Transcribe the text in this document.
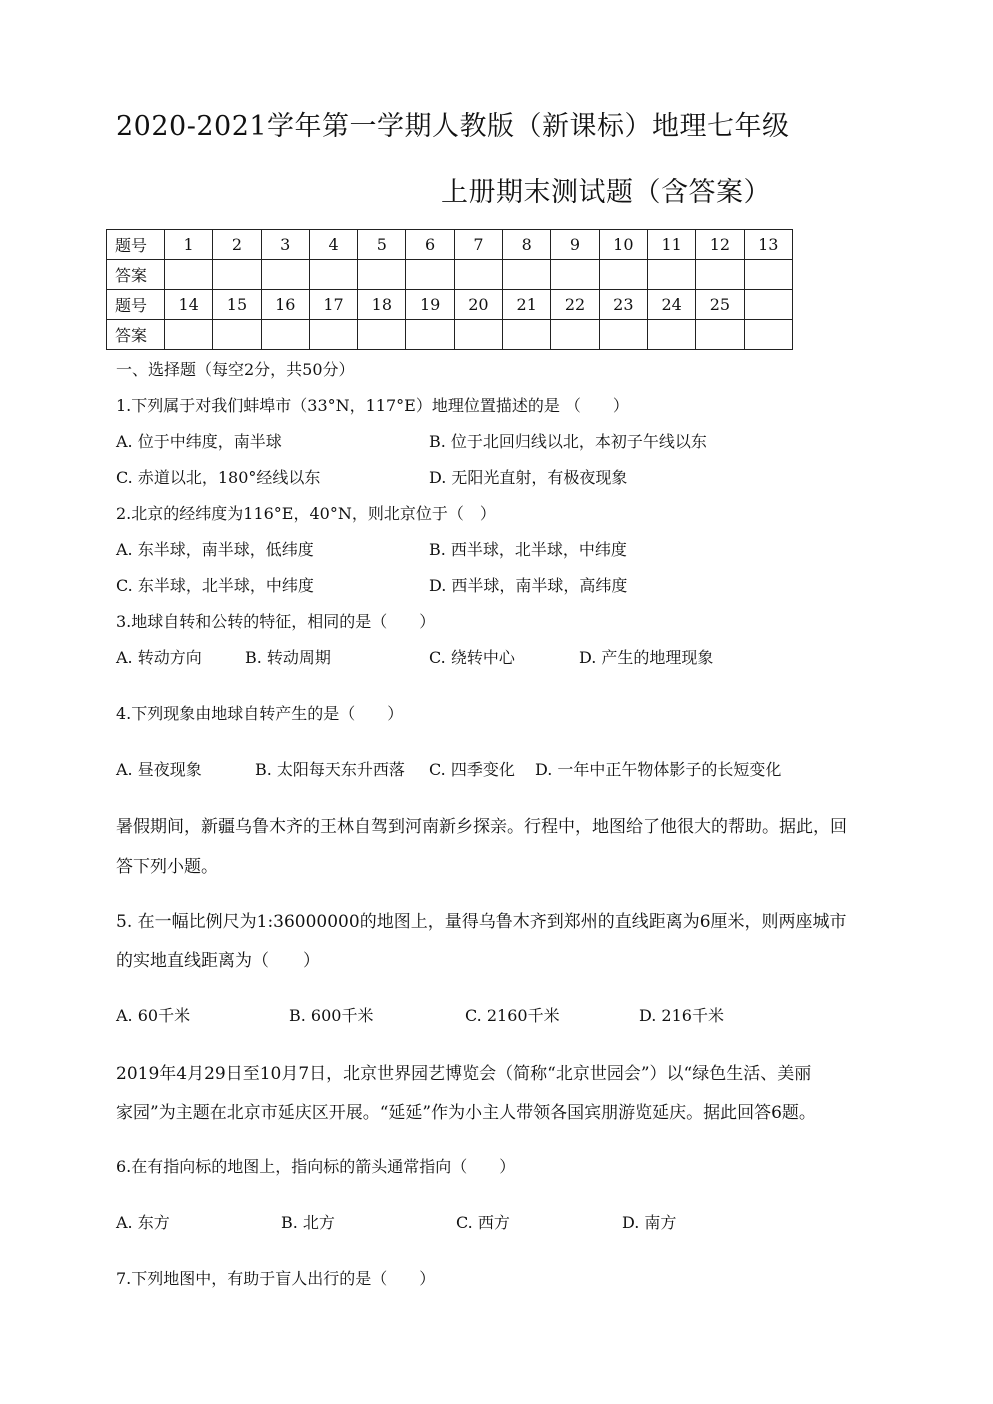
2020-2021学年第一学期人教版（新课标）地理七年级
上册期末测试题（含答案）
题号	1	2	3	4	5	6	7	8	9	10	11	12	13
答案													
题号	14	15	16	17	18	19	20	21	22	23	24	25	
答案													
一、选择题（每空2分，共50分）
1.下列属于对我们蚌埠市（33°N，117°E）地理位置描述的是 （　　）
A. 位于中纬度，南半球	B. 位于北回归线以北，本初子午线以东
C. 赤道以北，180°经线以东	D. 无阳光直射，有极夜现象
2.北京的经纬度为116°E，40°N，则北京位于（　）
A. 东半球，南半球，低纬度	B. 西半球，北半球，中纬度
C. 东半球，北半球，中纬度	D. 西半球，南半球，高纬度
3.地球自转和公转的特征，相同的是（　　）
A. 转动方向	B. 转动周期	C. 绕转中心	D. 产生的地理现象
4.下列现象由地球自转产生的是（　　）
A. 昼夜现象	B. 太阳每天东升西落 C. 四季变化 D. 一年中正午物体影子的长短变化
暑假期间，新疆乌鲁木齐的王林自驾到河南新乡探亲。行程中，地图给了他很大的帮助。据此，回
答下列小题。
5. 在一幅比例尺为1:36000000的地图上，量得乌鲁木齐到郑州的直线距离为6厘米，则两座城市
的实地直线距离为（　　）
A. 60千米	B. 600千米	C. 2160千米	D. 216千米
2019年4月29日至10月7日，北京世界园艺博览会（简称“北京世园会”）以“绿色生活、美丽
家园”为主题在北京市延庆区开展。“延延”作为小主人带领各国宾朋游览延庆。据此回答6题。
6.在有指向标的地图上，指向标的箭头通常指向（　　）
A. 东方	B. 北方	C. 西方	D. 南方
7.下列地图中，有助于盲人出行的是（　　）
